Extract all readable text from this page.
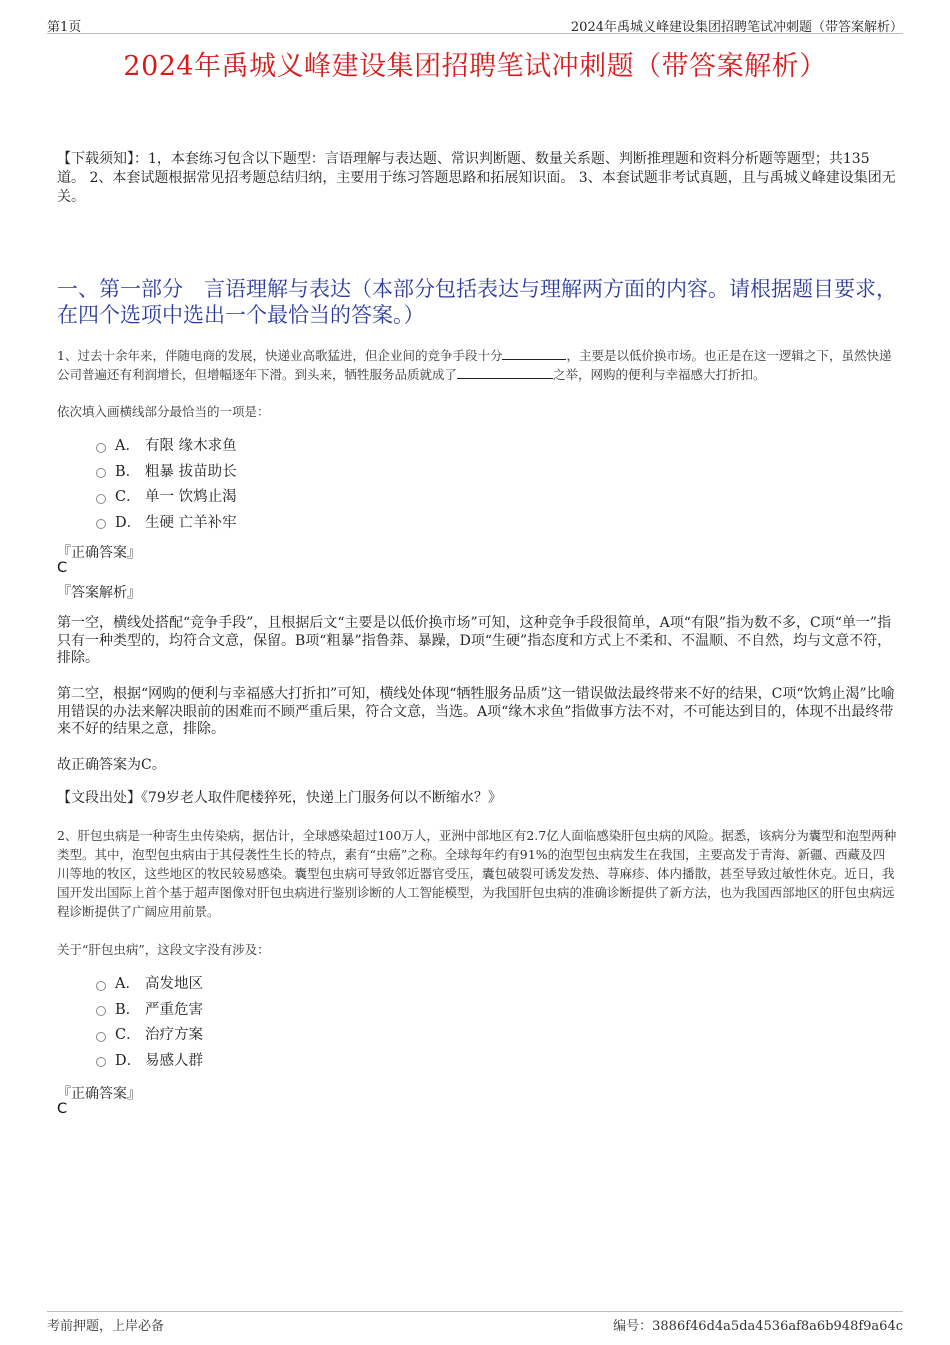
第1页	2024年禹城义峰建设集团招聘笔试冲刺题（带答案解析）
2024年禹城义峰建设集团招聘笔试冲刺题（带答案解析）
【下载须知】：1，本套练习包含以下题型：言语理解与表达题、常识判断题、数量关系题、判断推理题和资料分析题等题型；共135道。 2、本套试题根据常见招考题总结归纳，主要用于练习答题思路和拓展知识面。 3、本套试题非考试真题，且与禹城义峰建设集团无关。
一、第一部分　言语理解与表达（本部分包括表达与理解两方面的内容。请根据题目要求，在四个选项中选出一个最恰当的答案。）
1、过去十余年来，伴随电商的发展，快递业高歌猛进，但企业间的竞争手段十分	，主要是以低价换市场。也正是在这一逻辑之下，虽然快递公司普遍还有利润增长，但增幅逐年下滑。到头来，牺牲服务品质就成了	之举，网购的便利与幸福感大打折扣。
依次填入画横线部分最恰当的一项是：
A． 有限 缘木求鱼
B． 粗暴 拔苗助长
C． 单一 饮鸩止渴
D． 生硬 亡羊补牢
『正确答案』
C
『答案解析』
第一空，横线处搭配“竞争手段”，且根据后文“主要是以低价换市场”可知，这种竞争手段很简单，A项“有限”指为数不多，C项“单一”指只有一种类型的，均符合文意，保留。B项“粗暴”指鲁莽、暴躁，D项“生硬”指态度和方式上不柔和、不温顺、不自然，均与文意不符，排除。
第二空，根据“网购的便利与幸福感大打折扣”可知，横线处体现“牺牲服务品质”这一错误做法最终带来不好的结果，C项“饮鸩止渴”比喻用错误的办法来解决眼前的困难而不顾严重后果，符合文意，当选。A项“缘木求鱼”指做事方法不对，不可能达到目的，体现不出最终带来不好的结果之意，排除。
故正确答案为C。
【文段出处】《79岁老人取件爬楼猝死，快递上门服务何以不断缩水？》
2、肝包虫病是一种寄生虫传染病，据估计，全球感染超过100万人，亚洲中部地区有2.7亿人面临感染肝包虫病的风险。据悉，该病分为囊型和泡型两种类型。其中，泡型包虫病由于其侵袭性生长的特点，素有“虫癌”之称。全球每年约有91%的泡型包虫病发生在我国，主要高发于青海、新疆、西藏及四川等地的牧区，这些地区的牧民较易感染。囊型包虫病可导致邻近器官受压，囊包破裂可诱发发热、荨麻疹、体内播散，甚至导致过敏性休克。近日，我国开发出国际上首个基于超声图像对肝包虫病进行鉴别诊断的人工智能模型，为我国肝包虫病的准确诊断提供了新方法，也为我国西部地区的肝包虫病远程诊断提供了广阔应用前景。
关于“肝包虫病”，这段文字没有涉及：
A． 高发地区
B． 严重危害
C． 治疗方案
D． 易感人群
『正确答案』
C
考前押题，上岸必备	编号：3886f46d4a5da4536af8a6b948f9a64c
